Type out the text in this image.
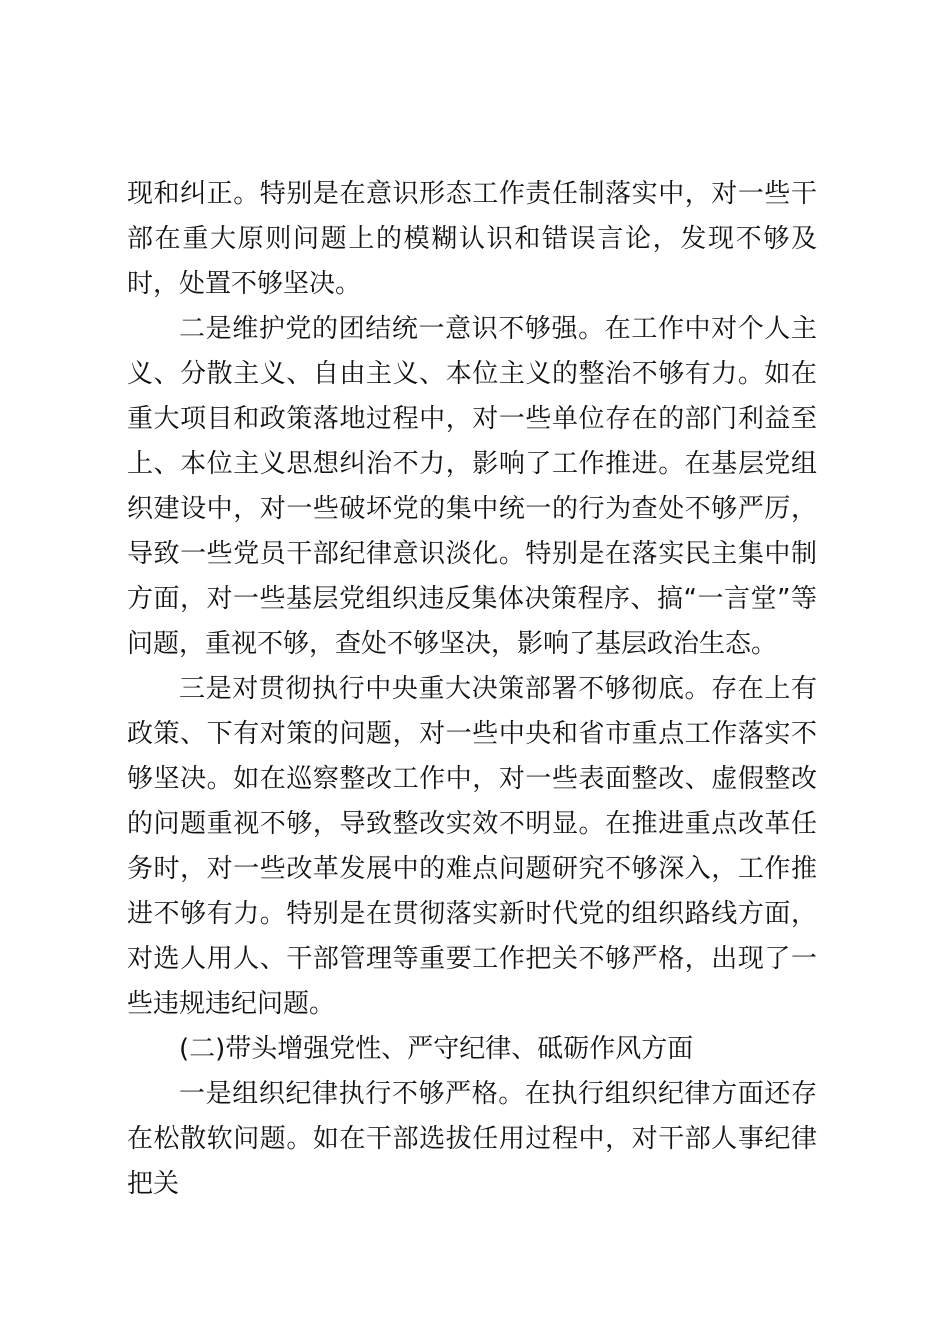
现和纠正。特别是在意识形态工作责任制落实中，对一些干部在重大原则问题上的模糊认识和错误言论，发现不够及时，处置不够坚决。

二是维护党的团结统一意识不够强。在工作中对个人主义、分散主义、自由主义、本位主义的整治不够有力。如在重大项目和政策落地过程中，对一些单位存在的部门利益至上、本位主义思想纠治不力，影响了工作推进。在基层党组织建设中，对一些破坏党的集中统一的行为查处不够严厉，导致一些党员干部纪律意识淡化。特别是在落实民主集中制方面，对一些基层党组织违反集体决策程序、搞“一言堂”等问题，重视不够，查处不够坚决，影响了基层政治生态。

三是对贯彻执行中央重大决策部署不够彻底。存在上有政策、下有对策的问题，对一些中央和省市重点工作落实不够坚决。如在巡察整改工作中，对一些表面整改、虚假整改的问题重视不够，导致整改实效不明显。在推进重点改革任务时，对一些改革发展中的难点问题研究不够深入，工作推进不够有力。特别是在贯彻落实新时代党的组织路线方面，对选人用人、干部管理等重要工作把关不够严格，出现了一些违规违纪问题。

(二)带头增强党性、严守纪律、砥砺作风方面

一是组织纪律执行不够严格。在执行组织纪律方面还存在松散软问题。如在干部选拔任用过程中，对干部人事纪律把关
